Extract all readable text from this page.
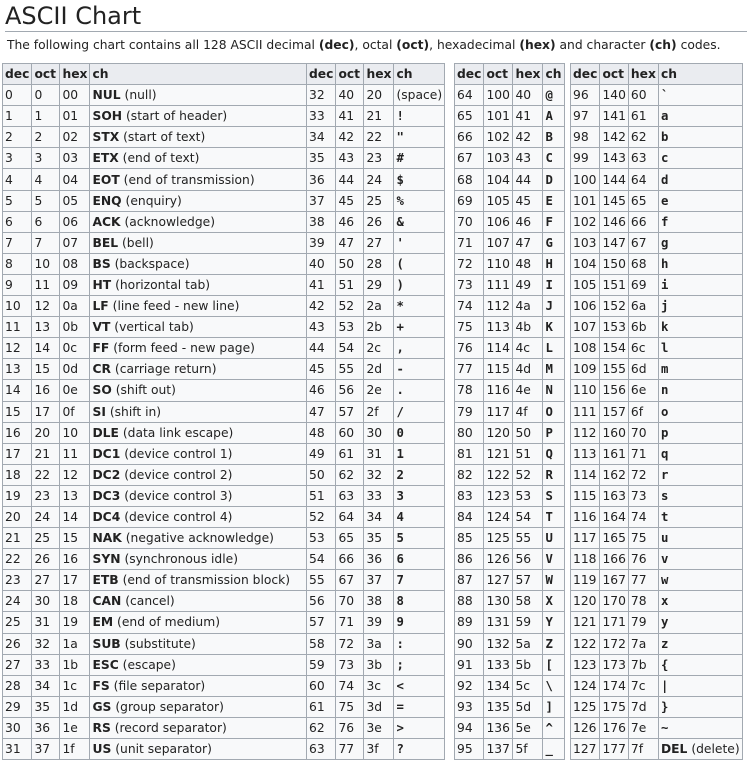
ASCII Chart

The following chart contains all 128 ASCII decimal (dec), octal (oct), hexadecimal (hex) and character (ch) codes.

dec	oct	hex	ch
0	0	00	NUL (null)
1	1	01	SOH (start of header)
2	2	02	STX (start of text)
3	3	03	ETX (end of text)
4	4	04	EOT (end of transmission)
5	5	05	ENQ (enquiry)
6	6	06	ACK (acknowledge)
7	7	07	BEL (bell)
8	10	08	BS (backspace)
9	11	09	HT (horizontal tab)
10	12	0a	LF (line feed - new line)
11	13	0b	VT (vertical tab)
12	14	0c	FF (form feed - new page)
13	15	0d	CR (carriage return)
14	16	0e	SO (shift out)
15	17	0f	SI (shift in)
16	20	10	DLE (data link escape)
17	21	11	DC1 (device control 1)
18	22	12	DC2 (device control 2)
19	23	13	DC3 (device control 3)
20	24	14	DC4 (device control 4)
21	25	15	NAK (negative acknowledge)
22	26	16	SYN (synchronous idle)
23	27	17	ETB (end of transmission block)
24	30	18	CAN (cancel)
25	31	19	EM (end of medium)
26	32	1a	SUB (substitute)
27	33	1b	ESC (escape)
28	34	1c	FS (file separator)
29	35	1d	GS (group separator)
30	36	1e	RS (record separator)
31	37	1f	US (unit separator)
dec	oct	hex	ch
32	40	20	(space)
33	41	21	!
34	42	22	"
35	43	23	#
36	44	24	$
37	45	25	%
38	46	26	&
39	47	27	'
40	50	28	(
41	51	29	)
42	52	2a	*
43	53	2b	+
44	54	2c	,
45	55	2d	-
46	56	2e	.
47	57	2f	/
48	60	30	0
49	61	31	1
50	62	32	2
51	63	33	3
52	64	34	4
53	65	35	5
54	66	36	6
55	67	37	7
56	70	38	8
57	71	39	9
58	72	3a	:
59	73	3b	;
60	74	3c	<
61	75	3d	=
62	76	3e	>
63	77	3f	?
dec	oct	hex	ch
64	100	40	@
65	101	41	A
66	102	42	B
67	103	43	C
68	104	44	D
69	105	45	E
70	106	46	F
71	107	47	G
72	110	48	H
73	111	49	I
74	112	4a	J
75	113	4b	K
76	114	4c	L
77	115	4d	M
78	116	4e	N
79	117	4f	O
80	120	50	P
81	121	51	Q
82	122	52	R
83	123	53	S
84	124	54	T
85	125	55	U
86	126	56	V
87	127	57	W
88	130	58	X
89	131	59	Y
90	132	5a	Z
91	133	5b	[
92	134	5c	\
93	135	5d	]
94	136	5e	^
95	137	5f	_
dec	oct	hex	ch
96	140	60	`
97	141	61	a
98	142	62	b
99	143	63	c
100	144	64	d
101	145	65	e
102	146	66	f
103	147	67	g
104	150	68	h
105	151	69	i
106	152	6a	j
107	153	6b	k
108	154	6c	l
109	155	6d	m
110	156	6e	n
111	157	6f	o
112	160	70	p
113	161	71	q
114	162	72	r
115	163	73	s
116	164	74	t
117	165	75	u
118	166	76	v
119	167	77	w
120	170	78	x
121	171	79	y
122	172	7a	z
123	173	7b	{
124	174	7c	|
125	175	7d	}
126	176	7e	~
127	177	7f	DEL (delete)
